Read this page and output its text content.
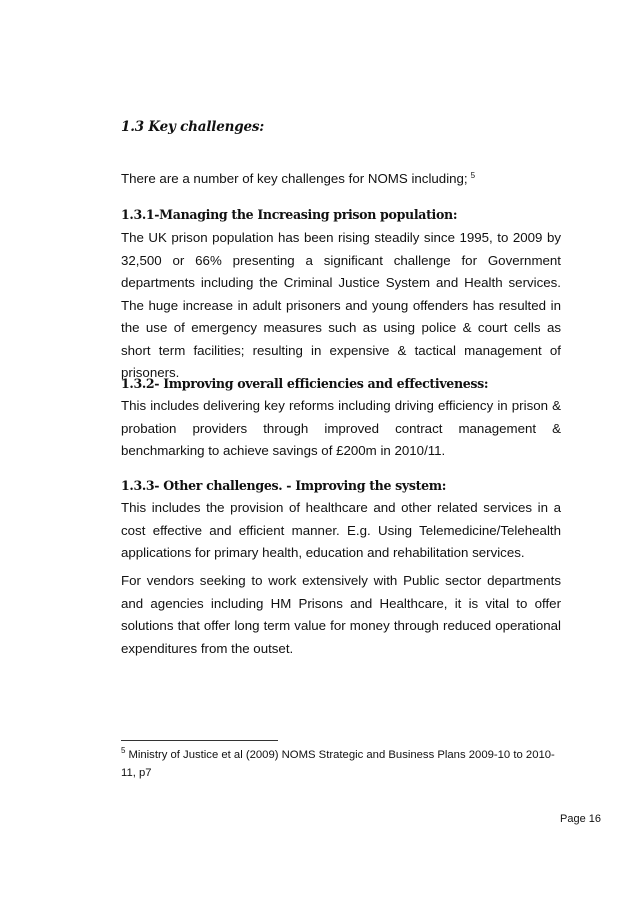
1.3 Key challenges:
There are a number of key challenges for NOMS including; $^5$
1.3.1-Managing the Increasing prison population:

The UK prison population has been rising steadily since 1995, to 2009 by 32,500 or 66% presenting a significant challenge for Government departments including the Criminal Justice System and Health services. The huge increase in adult prisoners and young offenders has resulted in the use of emergency measures such as using police & court cells as short term facilities; resulting in expensive & tactical management of prisoners.

1.3.2- Improving overall efficiencies and effectiveness:

This includes delivering key reforms including driving efficiency in prison & probation providers through improved contract management & benchmarking to achieve savings of £200m in 2010/11.

1.3.3- Other challenges. - Improving the system:

This includes the provision of healthcare and other related services in a cost effective and efficient manner. E.g. Using Telemedicine/Telehealth applications for primary health, education and rehabilitation services.

For vendors seeking to work extensively with Public sector departments and agencies including HM Prisons and Healthcare, it is vital to offer solutions that offer long term value for money through reduced operational expenditures from the outset.

$^5$ Ministry of Justice et al (2009) NOMS Strategic and Business Plans 2009-10 to 2010-11, p7
Page 16
